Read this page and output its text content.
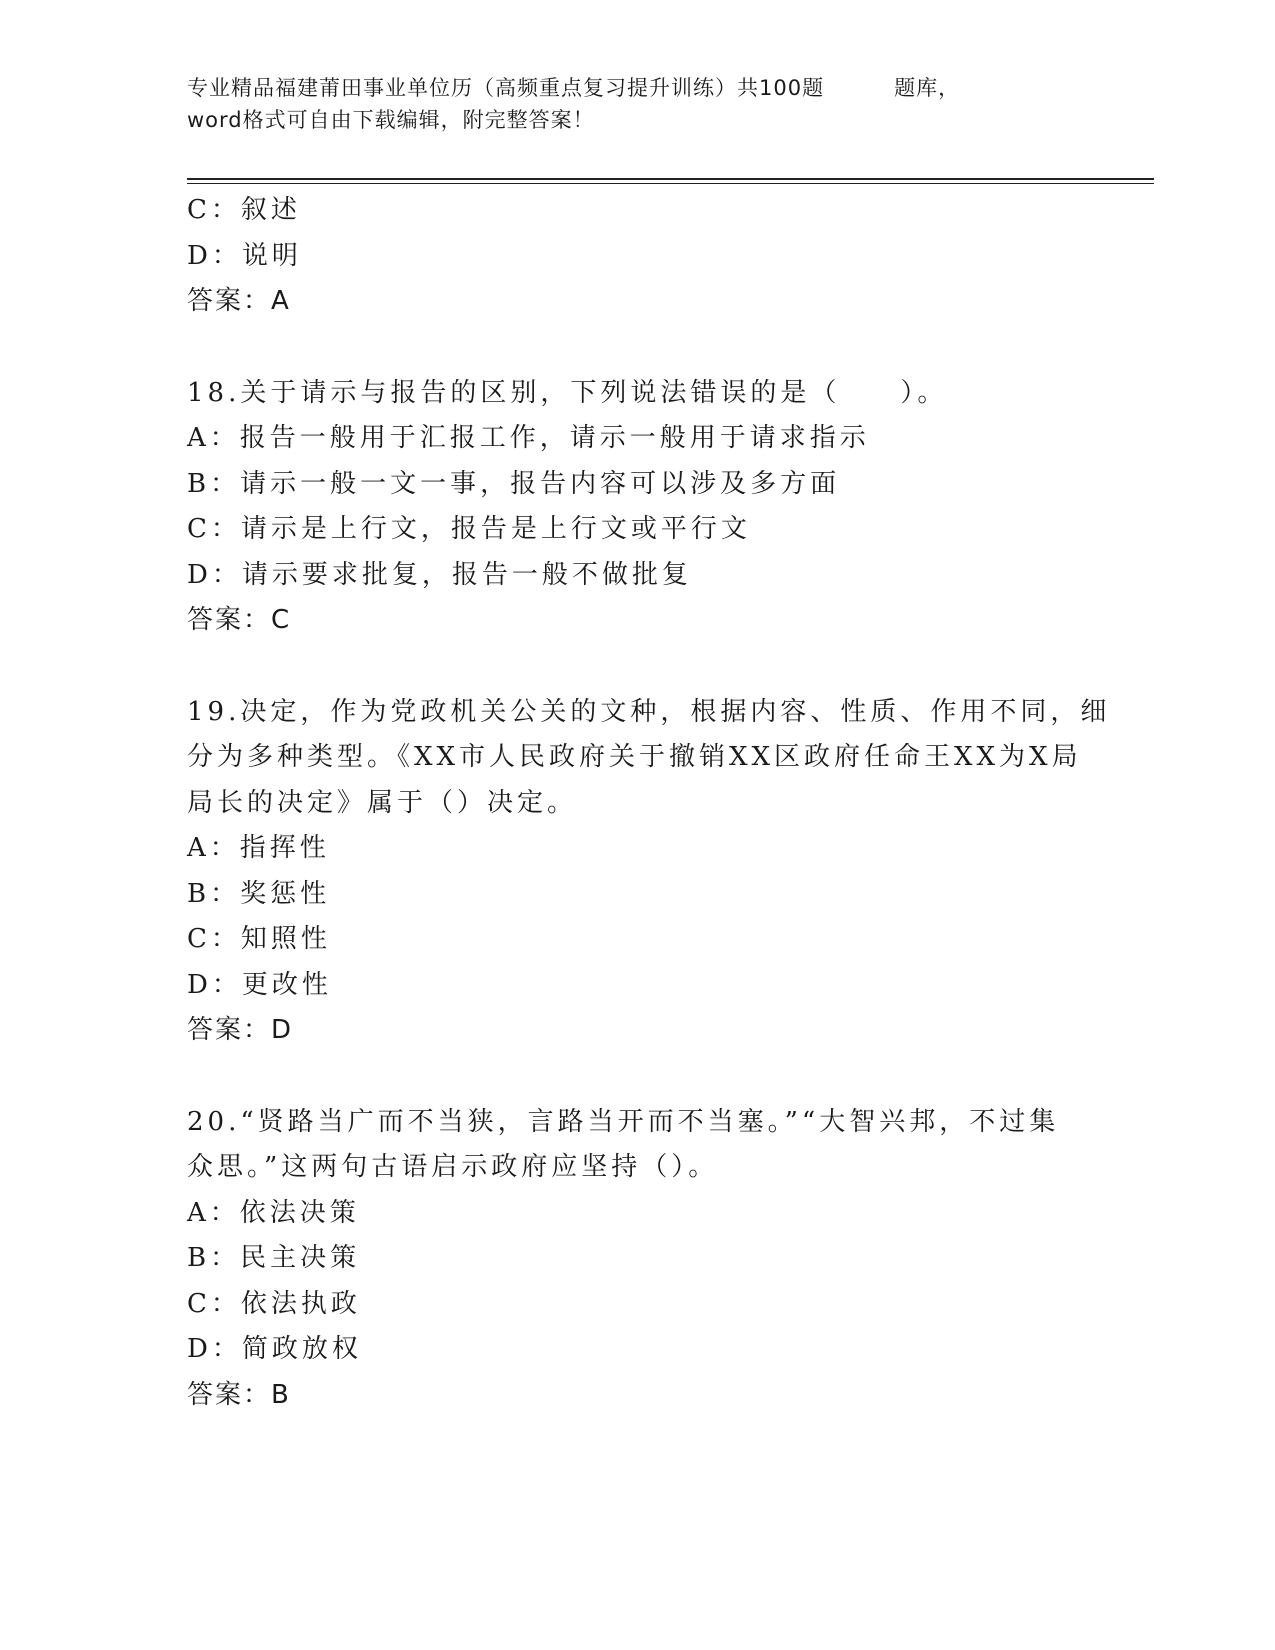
专业精品福建莆田事业单位历（高频重点复习提升训练）共100题	题库，
word格式可自由下载编辑，附完整答案！
C：叙述
D：说明
答案：A
18.关于请示与报告的区别，下列说法错误的是（ ）。
A：报告一般用于汇报工作，请示一般用于请求指示
B：请示一般一文一事，报告内容可以涉及多方面
C：请示是上行文，报告是上行文或平行文
D：请示要求批复，报告一般不做批复
答案：C
19.决定，作为党政机关公关的文种，根据内容、性质、作用不同，细
分为多种类型。《XX市人民政府关于撤销XX区政府任命王XX为X局
局长的决定》属于（）决定。
A：指挥性
B：奖惩性
C：知照性
D：更改性
答案：D
20.“贤路当广而不当狭，言路当开而不当塞。”“大智兴邦，不过集
众思。”这两句古语启示政府应坚持（）。
A：依法决策
B：民主决策
C：依法执政
D：简政放权
答案：B
